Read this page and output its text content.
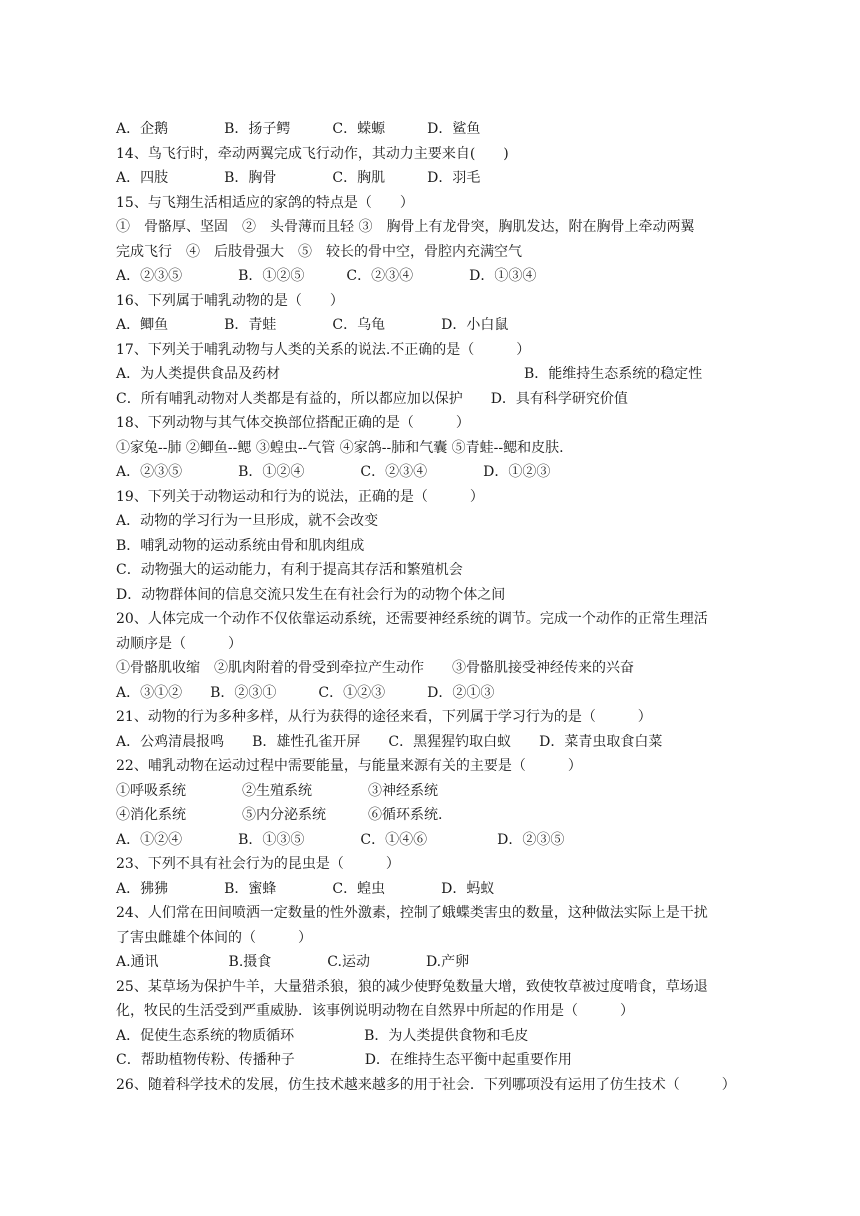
A．企鹅　　　　B．扬子鳄　　　C．蝾螈　　　D．鲨鱼
14、鸟飞行时，牵动两翼完成飞行动作，其动力主要来自(　　)
A．四肢　　　　B．胸骨　　　　C．胸肌　　　D．羽毛
15、与飞翔生活相适应的家鸽的特点是（　　）
①　骨骼厚、坚固　②　头骨薄而且轻 ③　胸骨上有龙骨突，胸肌发达，附在胸骨上牵动两翼
完成飞行　④　后肢骨强大　⑤　较长的骨中空，骨腔内充满空气
A．②③⑤　　　　B．①②⑤　　　C．②③④　　　　D．①③④
16、下列属于哺乳动物的是（　　）
A．鲫鱼　　　　B．青蛙　　　　C．乌龟　　　　D．小白鼠
17、下列关于哺乳动物与人类的关系的说法.不正确的是（　　　）
A．为人类提供食品及药材	B．能维持生态系统的稳定性
C．所有哺乳动物对人类都是有益的，所以都应加以保护　　D．具有科学研究价值
18、下列动物与其气体交换部位搭配正确的是（　　　）
①家兔--肺 ②鲫鱼--鳃 ③蝗虫--气管 ④家鸽--肺和气囊 ⑤青蛙--鳃和皮肤.
A．②③⑤　　　　B．①②④　　　　C．②③④　　　　D．①②③
19、下列关于动物运动和行为的说法，正确的是（　　　）
A．动物的学习行为一旦形成，就不会改变
B．哺乳动物的运动系统由骨和肌肉组成
C．动物强大的运动能力，有利于提高其存活和繁殖机会
D．动物群体间的信息交流只发生在有社会行为的动物个体之间
20、人体完成一个动作不仅依靠运动系统，还需要神经系统的调节。完成一个动作的正常生理活
动顺序是（　　　）
①骨骼肌收缩　②肌肉附着的骨受到牵拉产生动作　　③骨骼肌接受神经传来的兴奋
A．③①②　　B．②③①　　　C．①②③　　　D．②①③
21、动物的行为多种多样，从行为获得的途径来看，下列属于学习行为的是（　　　）
A．公鸡清晨报鸣　　B．雄性孔雀开屏　　C．黑猩猩钓取白蚁　　D．菜青虫取食白菜
22、哺乳动物在运动过程中需要能量，与能量来源有关的主要是（　　　）
①呼吸系统　　　　②生殖系统　　　　③神经系统
④消化系统　　　　⑤内分泌系统　　　⑥循环系统.
A．①②④　　　　B．①③⑤　　　　C．①④⑥　　　　　D．②③⑤
23、下列不具有社会行为的昆虫是（　　　）
A．狒狒　　　　B．蜜蜂　　　　C．蝗虫　　　　D．蚂蚁
24、人们常在田间喷洒一定数量的性外激素，控制了蛾蝶类害虫的数量，这种做法实际上是干扰
了害虫雌雄个体间的（　　　）
A.通讯　　　　　B.摄食　　　　C.运动　　　　D.产卵
25、某草场为保护牛羊，大量猎杀狼，狼的减少使野兔数量大增，致使牧草被过度啃食，草场退
化，牧民的生活受到严重威胁．该事例说明动物在自然界中所起的作用是（　　　）
A．促使生态系统的物质循环　　　　　B．为人类提供食物和毛皮
C．帮助植物传粉、传播种子　　　　　D．在维持生态平衡中起重要作用
26、随着科学技术的发展，仿生技术越来越多的用于社会．下列哪项没有运用了仿生技术（　　　）
